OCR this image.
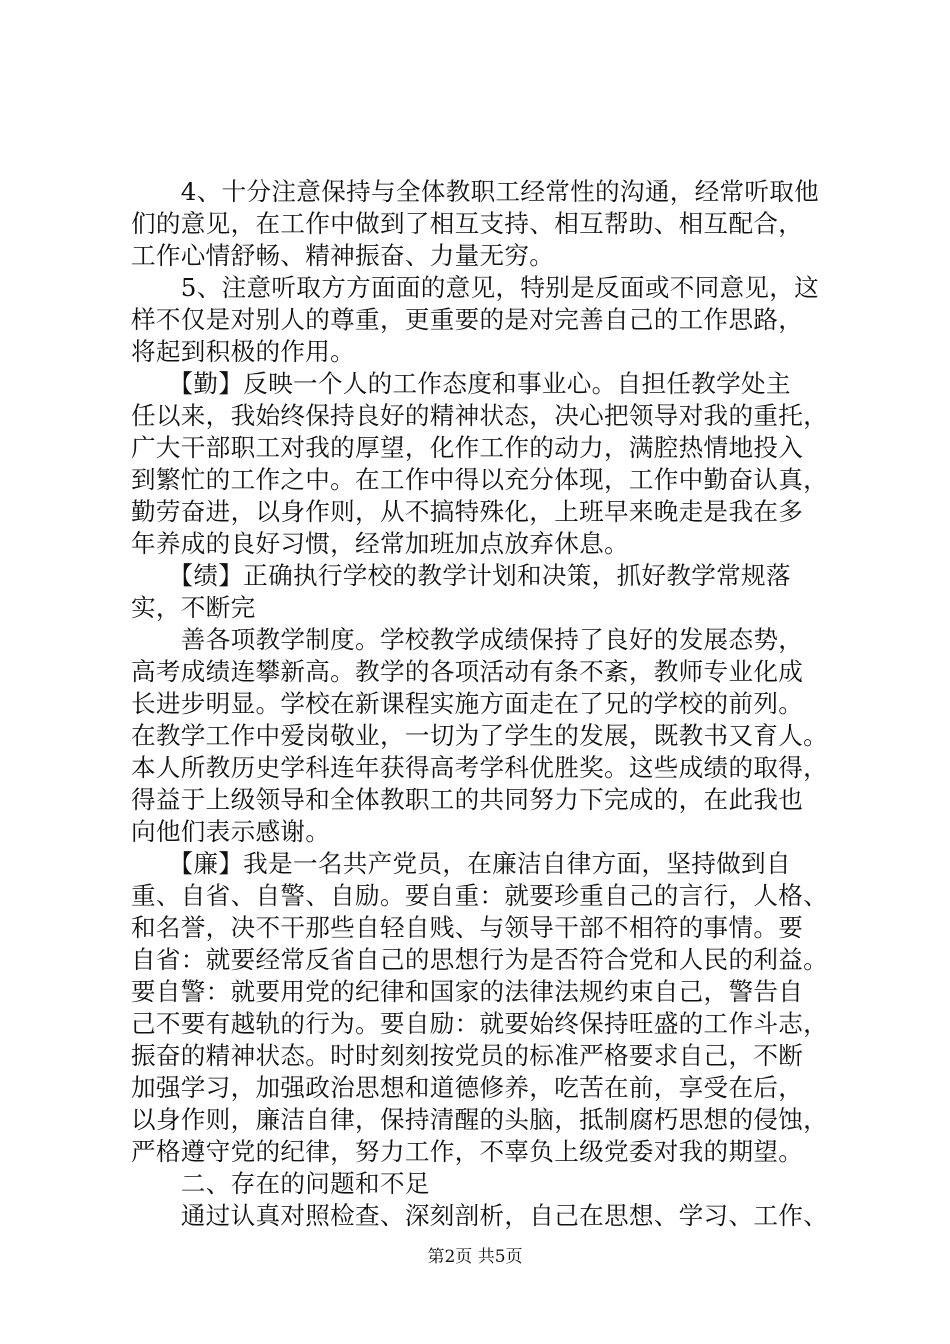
　　4、十分注意保持与全体教职工经常性的沟通，经常听取他
们的意见，在工作中做到了相互支持、相互帮助、相互配合，
工作心情舒畅、精神振奋、力量无穷。
　　5、注意听取方方面面的意见，特别是反面或不同意见，这
样不仅是对别人的尊重，更重要的是对完善自己的工作思路，
将起到积极的作用。
　　【勤】反映一个人的工作态度和事业心。自担任教学处主
任以来，我始终保持良好的精神状态，决心把领导对我的重托，
广大干部职工对我的厚望，化作工作的动力，满腔热情地投入
到繁忙的工作之中。在工作中得以充分体现，工作中勤奋认真，
勤劳奋进，以身作则，从不搞特殊化，上班早来晚走是我在多
年养成的良好习惯，经常加班加点放弃休息。
　　【绩】正确执行学校的教学计划和决策，抓好教学常规落
实，不断完
　　善各项教学制度。学校教学成绩保持了良好的发展态势，
高考成绩连攀新高。教学的各项活动有条不紊，教师专业化成
长进步明显。学校在新课程实施方面走在了兄的学校的前列。
在教学工作中爱岗敬业，一切为了学生的发展，既教书又育人。
本人所教历史学科连年获得高考学科优胜奖。这些成绩的取得，
得益于上级领导和全体教职工的共同努力下完成的，在此我也
向他们表示感谢。
　　【廉】我是一名共产党员，在廉洁自律方面，坚持做到自
重、自省、自警、自励。要自重：就要珍重自己的言行，人格、
和名誉，决不干那些自轻自贱、与领导干部不相符的事情。要
自省：就要经常反省自己的思想行为是否符合党和人民的利益。
要自警：就要用党的纪律和国家的法律法规约束自己，警告自
己不要有越轨的行为。要自励：就要始终保持旺盛的工作斗志，
振奋的精神状态。时时刻刻按党员的标准严格要求自己，不断
加强学习，加强政治思想和道德修养，吃苦在前，享受在后，
以身作则，廉洁自律，保持清醒的头脑，抵制腐朽思想的侵蚀，
严格遵守党的纪律，努力工作，不辜负上级党委对我的期望。
　　二、存在的问题和不足
　　通过认真对照检查、深刻剖析，自己在思想、学习、工作、
第2页 共5页
